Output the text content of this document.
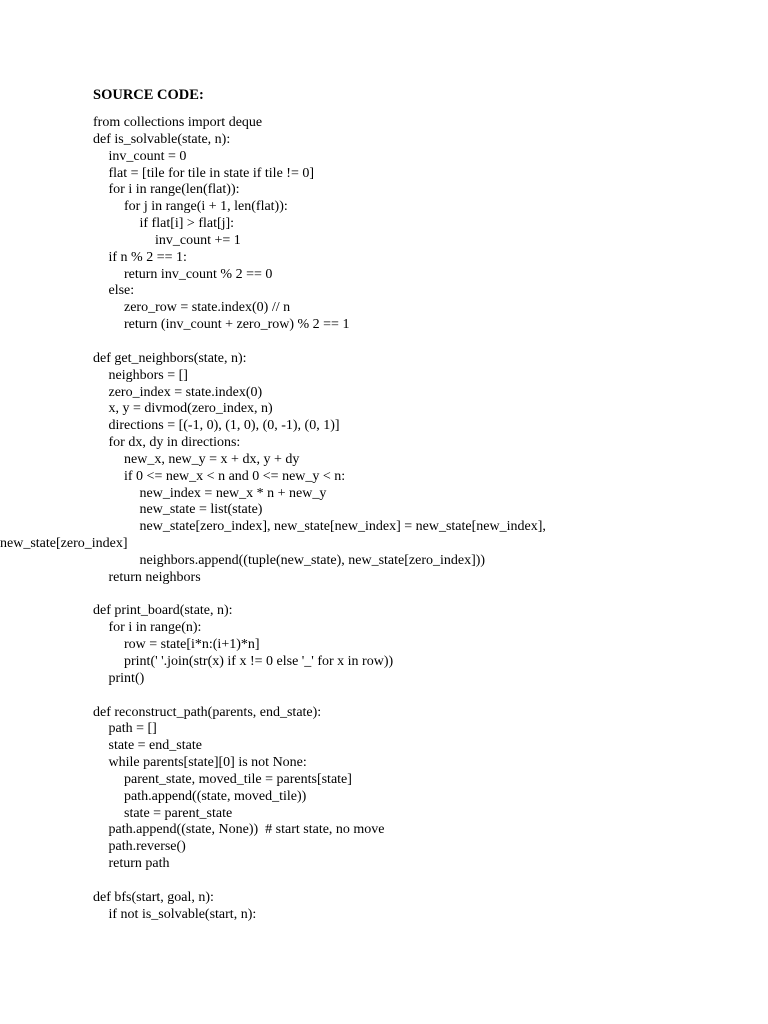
SOURCE CODE:
from collections import deque
def is_solvable(state, n):
inv_count = 0
flat = [tile for tile in state if tile != 0]
for i in range(len(flat)):
for j in range(i + 1, len(flat)):
if flat[i] > flat[j]:
inv_count += 1
if n % 2 == 1:
return inv_count % 2 == 0
else:
zero_row = state.index(0) // n
return (inv_count + zero_row) % 2 == 1
def get_neighbors(state, n):
neighbors = []
zero_index = state.index(0)
x, y = divmod(zero_index, n)
directions = [(-1, 0), (1, 0), (0, -1), (0, 1)]
for dx, dy in directions:
new_x, new_y = x + dx, y + dy
if 0 <= new_x < n and 0 <= new_y < n:
new_index = new_x * n + new_y
new_state = list(state)
new_state[zero_index], new_state[new_index] = new_state[new_index],
new_state[zero_index]
neighbors.append((tuple(new_state), new_state[zero_index]))
return neighbors
def print_board(state, n):
for i in range(n):
row = state[i*n:(i+1)*n]
print(' '.join(str(x) if x != 0 else '_' for x in row))
print()
def reconstruct_path(parents, end_state):
path = []
state = end_state
while parents[state][0] is not None:
parent_state, moved_tile = parents[state]
path.append((state, moved_tile))
state = parent_state
path.append((state, None))  # start state, no move
path.reverse()
return path
def bfs(start, goal, n):
if not is_solvable(start, n):
